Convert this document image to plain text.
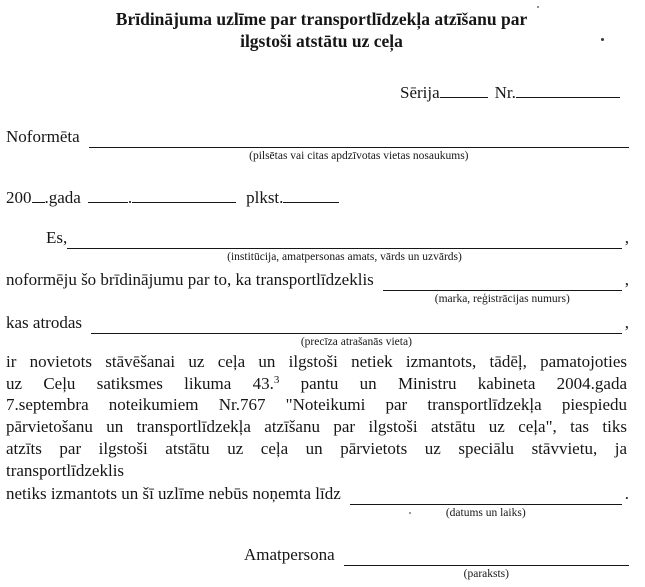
Brīdinājuma uzlīme par transportlīdzekļa atzīšanu par
ilgstoši atstātu uz ceļa
Sērija	Nr.
Noformēta
(pilsētas vai citas apdzīvotas vietas nosaukums)
200 .gada	.	plkst.
Es,
(institūcija, amatpersonas amats, vārds un uzvārds)
,
noformēju šo brīdinājumu par to, ka transportlīdzeklis
(marka, reģistrācijas numurs)
,
kas atrodas
(precīza atrašanās vieta)
,
ir novietots stāvēšanai uz ceļa un ilgstoši netiek izmantots, tādēļ, pamatojoties
uz Ceļu satiksmes likuma 43.$^3$ pantu un Ministru kabineta 2004.gada
7.septembra noteikumiem Nr.767 "Noteikumi par transportlīdzekļa piespiedu
pārvietošanu un transportlīdzekļa atzīšanu par ilgstoši atstātu uz ceļa", tas tiks
atzīts par ilgstoši atstātu uz ceļa un pārvietots uz speciālu stāvvietu, ja
transportlīdzeklis
netiks izmantots un šī uzlīme nebūs noņemta līdz
(datums un laiks)
.
Amatpersona
(paraksts)
